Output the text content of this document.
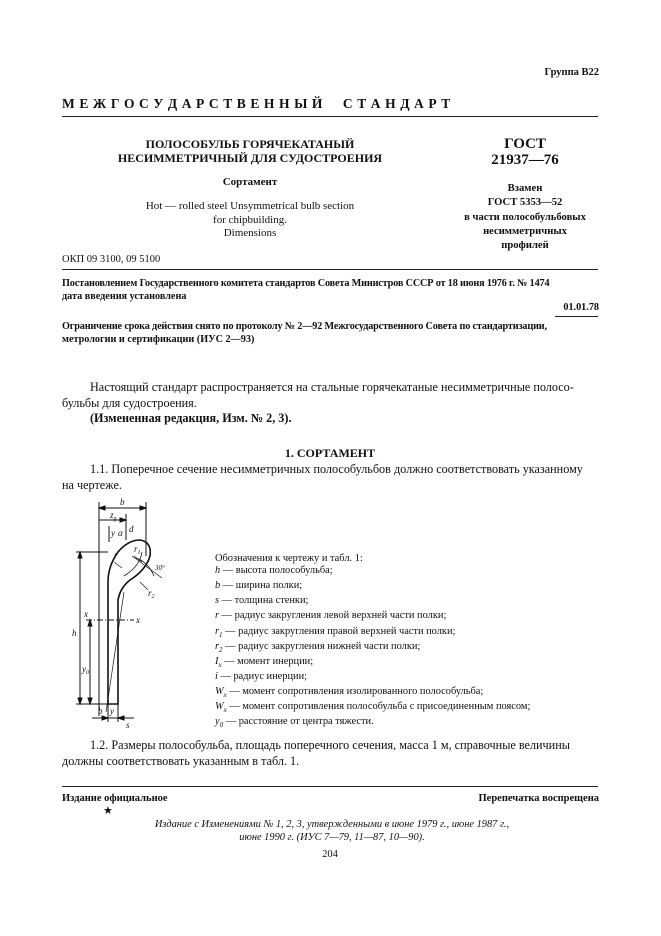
Группа В22
М Е Ж Г О С У Д А Р С Т В Е Н Н Ы Й     С Т А Н Д А Р Т
ПОЛОСОБУЛЬБ ГОРЯЧЕКАТАНЫЙ
НЕСИММЕТРИЧНЫЙ ДЛЯ СУДОСТРОЕНИЯ
Сортамент
Hot — rolled steel Unsymmetrical bulb section
for chipbuilding.
Dimensions
ГОСТ
21937—76
Взамен
ГОСТ 5353—52
в части полособульбовых
несимметричных
профилей
ОКП 09 3100, 09 5100
Постановлением Государственного комитета стандартов Совета Министров СССР от 18 июня 1976 г. № 1474
дата введения установлена
01.01.78
Ограничение срока действия снято по протоколу № 2—92 Межгосударственного Совета по стандартизации,
метрологии и сертификации (ИУС 2—93)
Настоящий стандарт распространяется на стальные горячекатаные несимметричные полосо-
бульбы для судостроения.
(Измененная редакция, Изм. № 2, 3).
1. СОРТАМЕНТ
1.1. Поперечное сечение несимметричных полособульбов должно соответствовать указанному
на чертеже.
b
$z_g$
y α d
r
$r_1$
30°
$r_2$
x
x
h
$y_0$
b y
s
Обозначения к чертежу и табл. 1:
h — высота полособульба;
b — ширина полки;
s — толщина стенки;
r — радиус закругления левой верхней части полки;
$r_1$ — радиус закругления правой верхней части полки;
$r_2$ — радиус закругления нижней части полки;
$I_x$ — момент инерции;
i — радиус инерции;
$W_x$ — момент сопротивления изолированного полособульба;
$W_x$ — момент сопротивления полособульба с присоединенным поясом;
$y_0$ — расстояние от центра тяжести.
1.2. Размеры полособульба, площадь поперечного сечения, масса 1 м, справочные величины
должны соответствовать указанным в табл. 1.
Издание официальное	Перепечатка воспрещена
★
Издание с Изменениями № 1, 2, 3, утвержденными в июне 1979 г., июне 1987 г.,
июне 1990 г. (ИУС 7—79, 11—87, 10—90).
204
